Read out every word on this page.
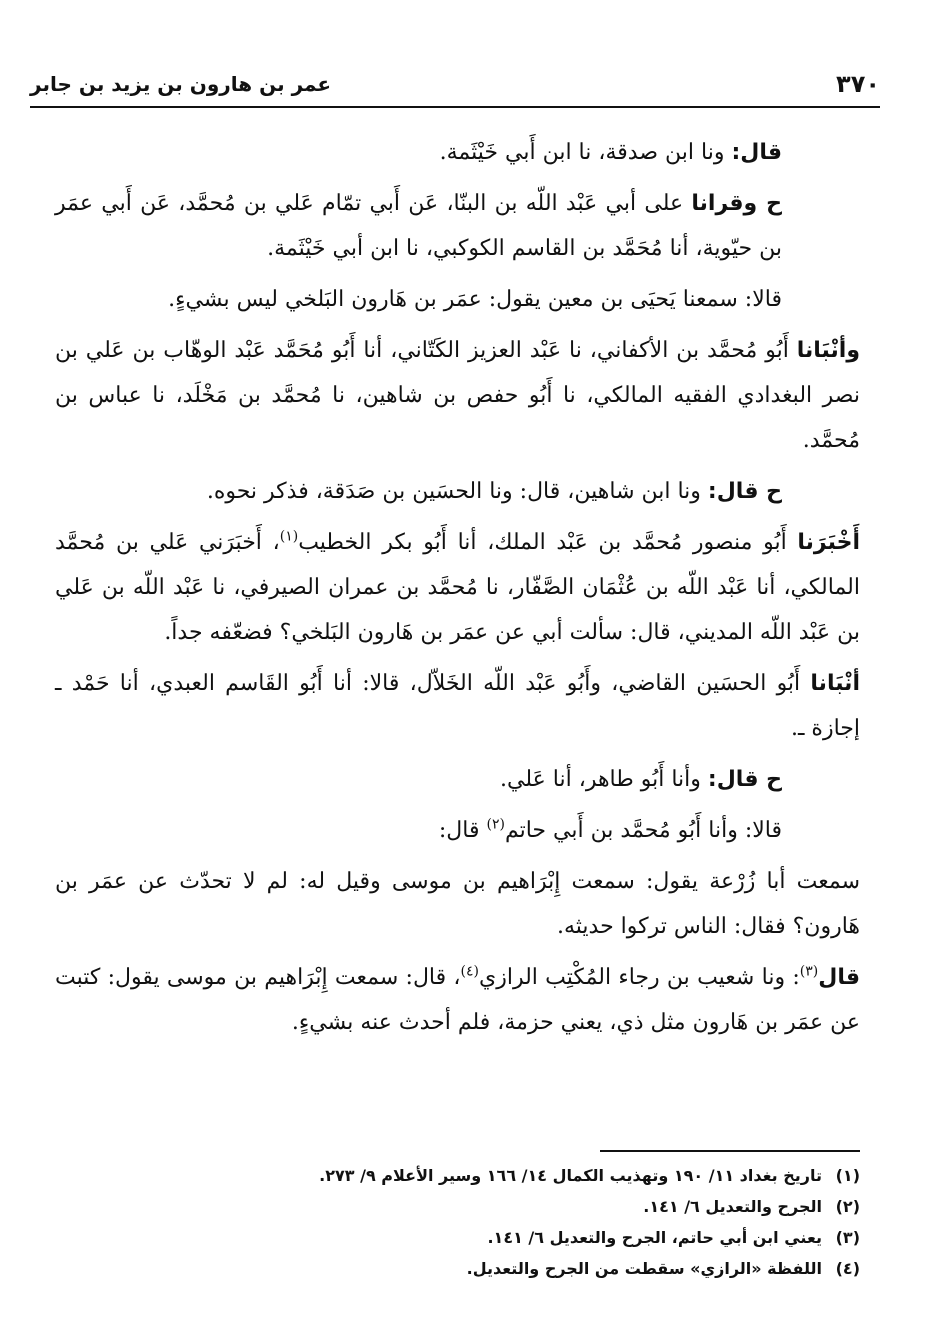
٣٧٠
عمر بن هارون بن يزيد بن جابر

قال: ونا ابن صدقة، نا ابن أَبي خَيْثَمة.

ح وقرانا على أبي عَبْد اللّه بن البنّا، عَن أَبي تمّام عَلي بن مُحمَّد، عَن أَبي عمَر بن حيّوية، أنا مُحَمَّد بن القاسم الكوكبي، نا ابن أبي خَيْثَمة.

قالا: سمعنا يَحيَى بن معين يقول: عمَر بن هَارون البَلخي ليس بشيءٍ.

وأنْبَانا أَبُو مُحمَّد بن الأكفاني، نا عَبْد العزيز الكَتّاني، أنا أَبُو مُحَمَّد عَبْد الوهّاب بن عَلي بن نصر البغدادي الفقيه المالكي، نا أَبُو حفص بن شاهين، نا مُحمَّد بن مَخْلَد، نا عباس بن مُحمَّد.

ح قال: ونا ابن شاهين، قال: ونا الحسَين بن صَدَقة، فذكر نحوه.

أَخْبَرَنا أَبُو منصور مُحمَّد بن عَبْد الملك، أنا أَبُو بكر الخطيب$^{(١)}$، أَخبَرَني عَلي بن مُحمَّد المالكي، أنا عَبْد اللّه بن عُثْمَان الصَّفّار، نا مُحمَّد بن عمران الصيرفي، نا عَبْد اللّه بن عَلي بن عَبْد اللّه المديني، قال: سألت أبي عن عمَر بن هَارون البَلخي؟ فضعّفه جداً.

أنْبَانا أَبُو الحسَين القاضي، وأَبُو عَبْد اللّه الخَلاّل، قالا: أنا أَبُو القَاسم العبدي، أنا حَمْد ـ إجازة ـ.

ح قال: وأنا أَبُو طاهر، أنا عَلي.

قالا: وأنا أَبُو مُحمَّد بن أَبي حاتم$^{(٢)}$ قال:

سمعت أبا زُرْعة يقول: سمعت إِبْرَاهيم بن موسى وقيل له: لم لا تحدّث عن عمَر بن هَارون؟ فقال: الناس تركوا حديثه.

قال$^{(٣)}$: ونا شعيب بن رجاء المُكْتِب الرازي$^{(٤)}$، قال: سمعت إِبْرَاهيم بن موسى يقول: كتبت عن عمَر بن هَارون مثل ذي، يعني حزمة، فلم أحدث عنه بشيءٍ.

(١)تاريخ بغداد ١١/ ١٩٠ وتهذيب الكمال ١٤/ ١٦٦ وسير الأعلام ٩/ ٢٧٣.
(٢)الجرح والتعديل ٦/ ١٤١.
(٣)يعني ابن أبي حاتم، الجرح والتعديل ٦/ ١٤١.
(٤)اللفظة «الرازي» سقطت من الجرح والتعديل.
